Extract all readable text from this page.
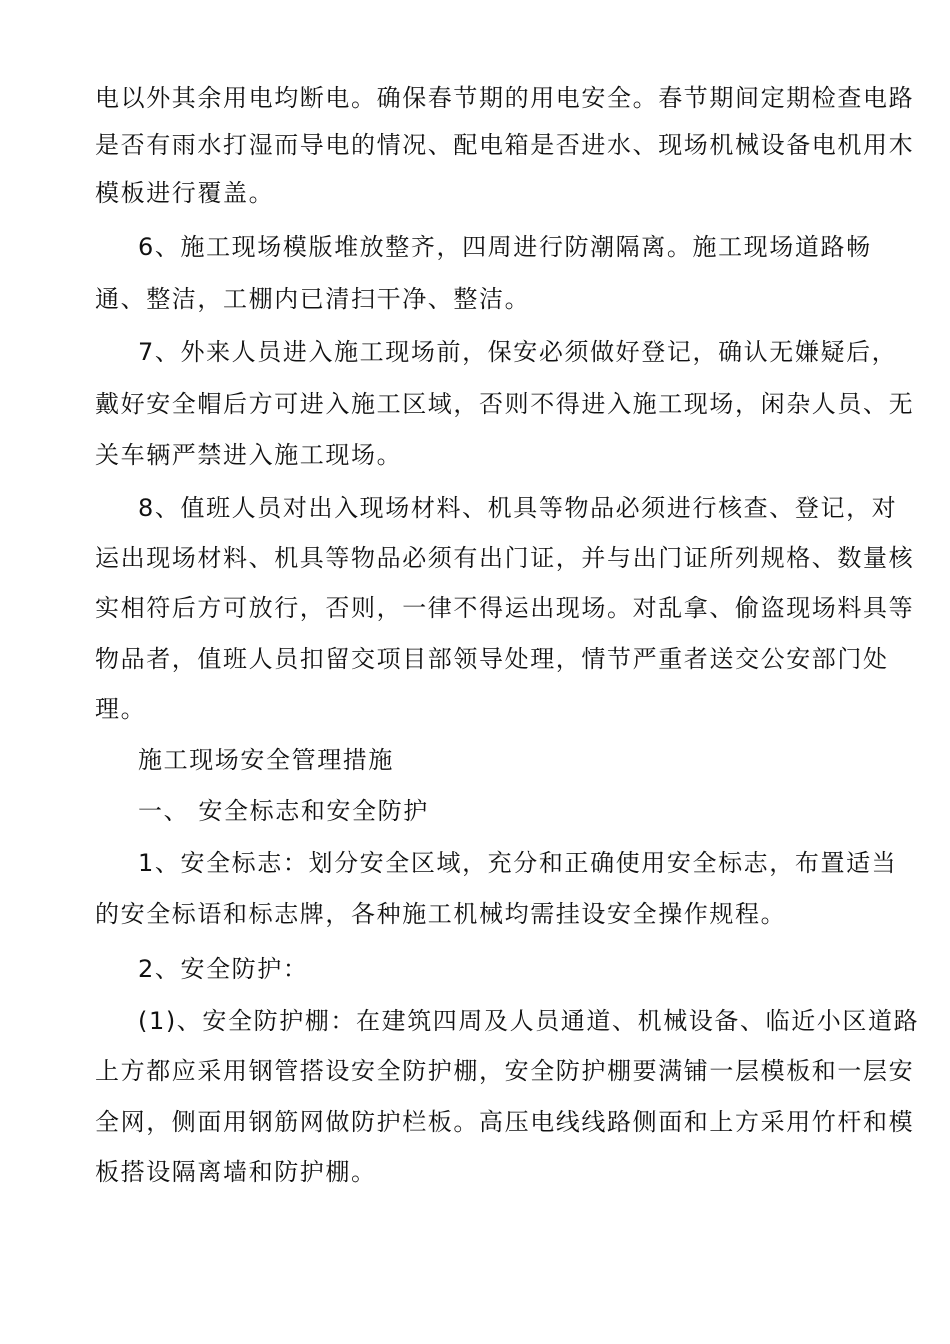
电以外其余用电均断电。确保春节期的用电安全。春节期间定期检查电路
是否有雨水打湿而导电的情况、配电箱是否进水、现场机械设备电机用木
模板进行覆盖。
6、施工现场模版堆放整齐，四周进行防潮隔离。施工现场道路畅
通、整洁，工棚内已清扫干净、整洁。
7、外来人员进入施工现场前，保安必须做好登记，确认无嫌疑后，
戴好安全帽后方可进入施工区域，否则不得进入施工现场，闲杂人员、无
关车辆严禁进入施工现场。
8、值班人员对出入现场材料、机具等物品必须进行核查、登记，对
运出现场材料、机具等物品必须有出门证，并与出门证所列规格、数量核
实相符后方可放行，否则，一律不得运出现场。对乱拿、偷盗现场料具等
物品者，值班人员扣留交项目部领导处理，情节严重者送交公安部门处
理。
施工现场安全管理措施
一、 安全标志和安全防护
1、安全标志：划分安全区域，充分和正确使用安全标志，布置适当
的安全标语和标志牌，各种施工机械均需挂设安全操作规程。
2、安全防护：
(1)、安全防护棚：在建筑四周及人员通道、机械设备、临近小区道路
上方都应采用钢管搭设安全防护棚，安全防护棚要满铺一层模板和一层安
全网，侧面用钢筋网做防护栏板。高压电线线路侧面和上方采用竹杆和模
板搭设隔离墙和防护棚。
